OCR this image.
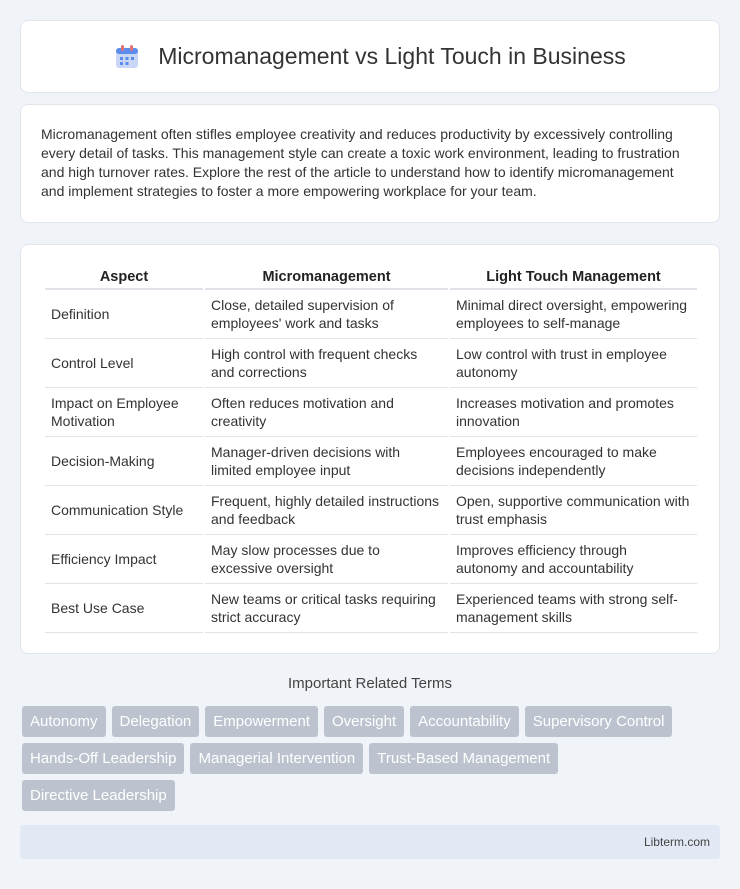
Micromanagement vs Light Touch in Business

Micromanagement often stifles employee creativity and reduces productivity by excessively controlling every detail of tasks. This management style can create a toxic work environment, leading to frustration and high turnover rates. Explore the rest of the article to understand how to identify micromanagement and implement strategies to foster a more empowering workplace for your team.

Aspect	Micromanagement	Light Touch Management
Definition	Close, detailed supervision of employees' work and tasks	Minimal direct oversight, empowering employees to self-manage
Control Level	High control with frequent checks and corrections	Low control with trust in employee autonomy
Impact on Employee Motivation	Often reduces motivation and creativity	Increases motivation and promotes innovation
Decision-Making	Manager-driven decisions with limited employee input	Employees encouraged to make decisions independently
Communication Style	Frequent, highly detailed instructions and feedback	Open, supportive communication with trust emphasis
Efficiency Impact	May slow processes due to excessive oversight	Improves efficiency through autonomy and accountability
Best Use Case	New teams or critical tasks requiring strict accuracy	Experienced teams with strong self-management skills
Important Related Terms
Autonomy	Delegation	Empowerment	Oversight	Accountability	Supervisory Control
Hands-Off Leadership	Managerial Intervention	Trust-Based Management
Directive Leadership
Libterm.com
